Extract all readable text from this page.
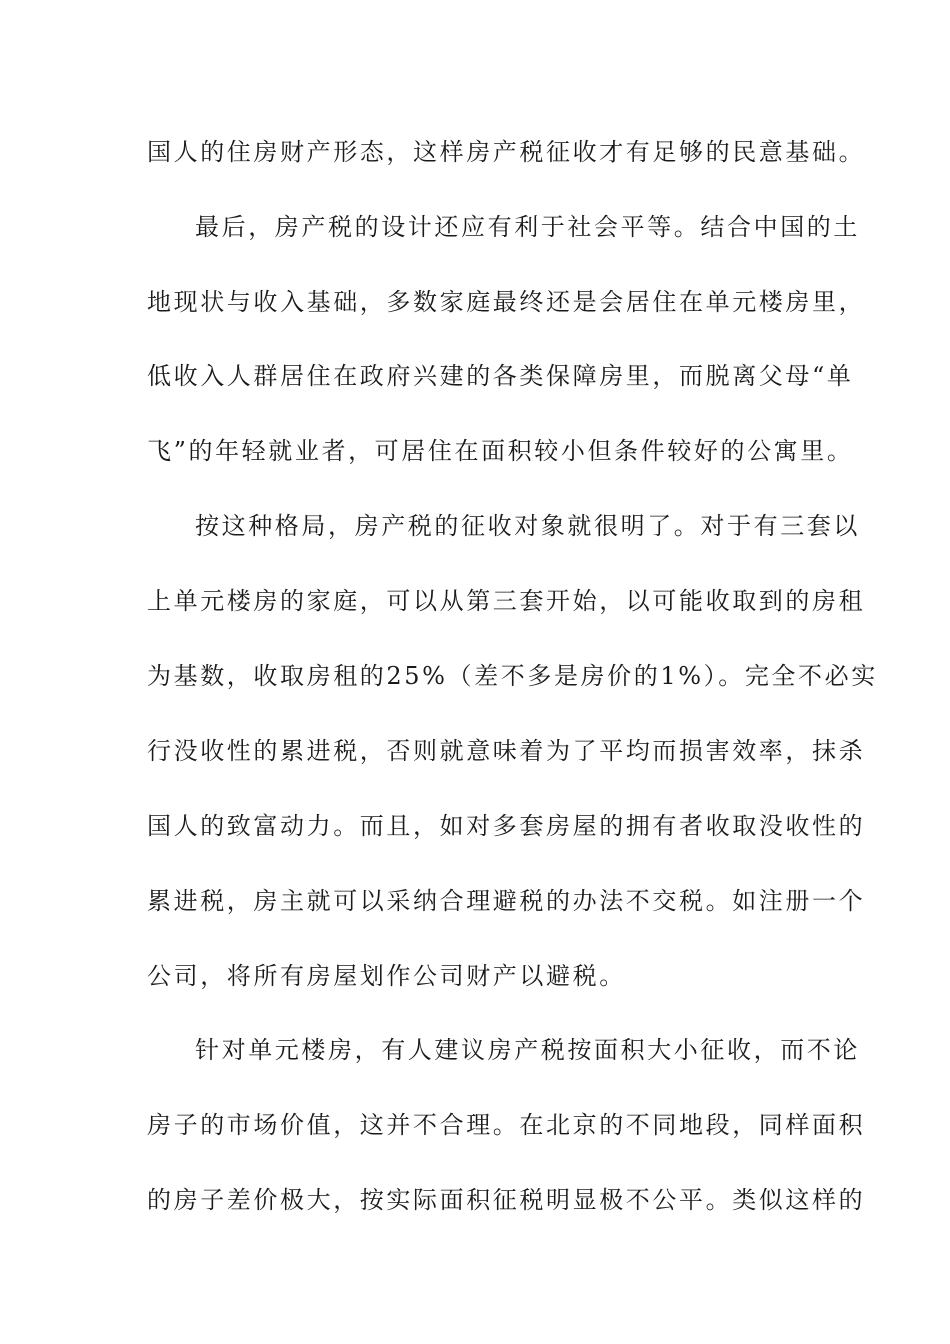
国人的住房财产形态，这样房产税征收才有足够的民意基础。
最后，房产税的设计还应有利于社会平等。结合中国的土
地现状与收入基础，多数家庭最终还是会居住在单元楼房里，
低收入人群居住在政府兴建的各类保障房里，而脱离父母“单
飞”的年轻就业者，可居住在面积较小但条件较好的公寓里。
按这种格局，房产税的征收对象就很明了。对于有三套以
上单元楼房的家庭，可以从第三套开始，以可能收取到的房租
为基数，收取房租的25%（差不多是房价的1%）。完全不必实
行没收性的累进税，否则就意味着为了平均而损害效率，抹杀
国人的致富动力。而且，如对多套房屋的拥有者收取没收性的
累进税，房主就可以采纳合理避税的办法不交税。如注册一个
公司，将所有房屋划作公司财产以避税。
针对单元楼房，有人建议房产税按面积大小征收，而不论
房子的市场价值，这并不合理。在北京的不同地段，同样面积
的房子差价极大，按实际面积征税明显极不公平。类似这样的
